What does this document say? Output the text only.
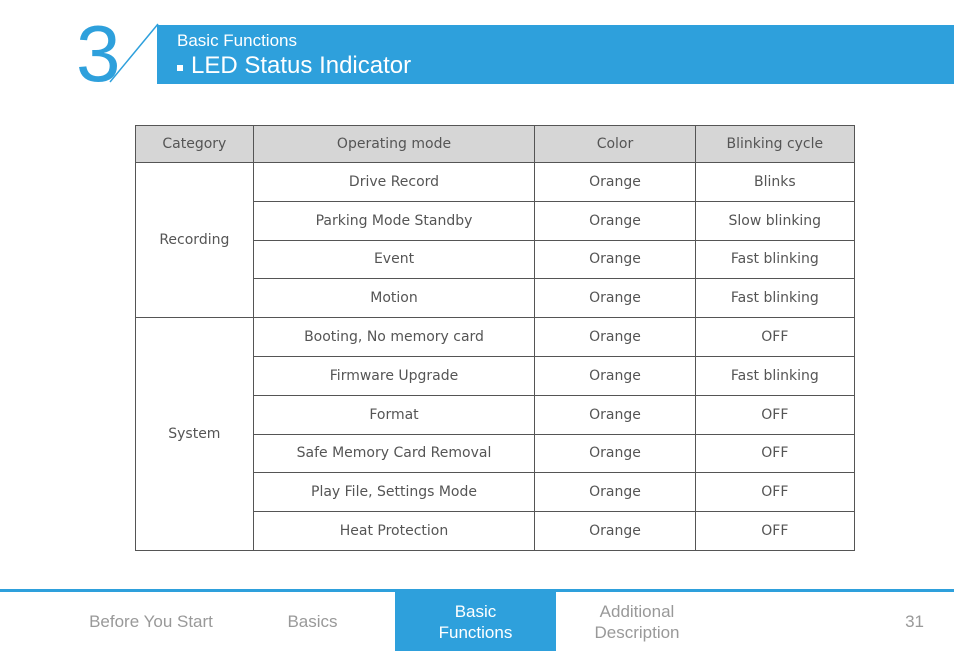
3	Basic Functions
LED Status Indicator
Category	Operating mode	Color	Blinking cycle
Recording	Drive Record	Orange	Blinks
	Parking Mode Standby	Orange	Slow blinking
	Event	Orange	Fast blinking
	Motion	Orange	Fast blinking
System	Booting, No memory card	Orange	OFF
	Firmware Upgrade	Orange	Fast blinking
	Format	Orange	OFF
	Safe Memory Card Removal	Orange	OFF
	Play File, Settings Mode	Orange	OFF
	Heat Protection	Orange	OFF
Before You Start	Basics
Basic
Functions
Additional
Description
31
